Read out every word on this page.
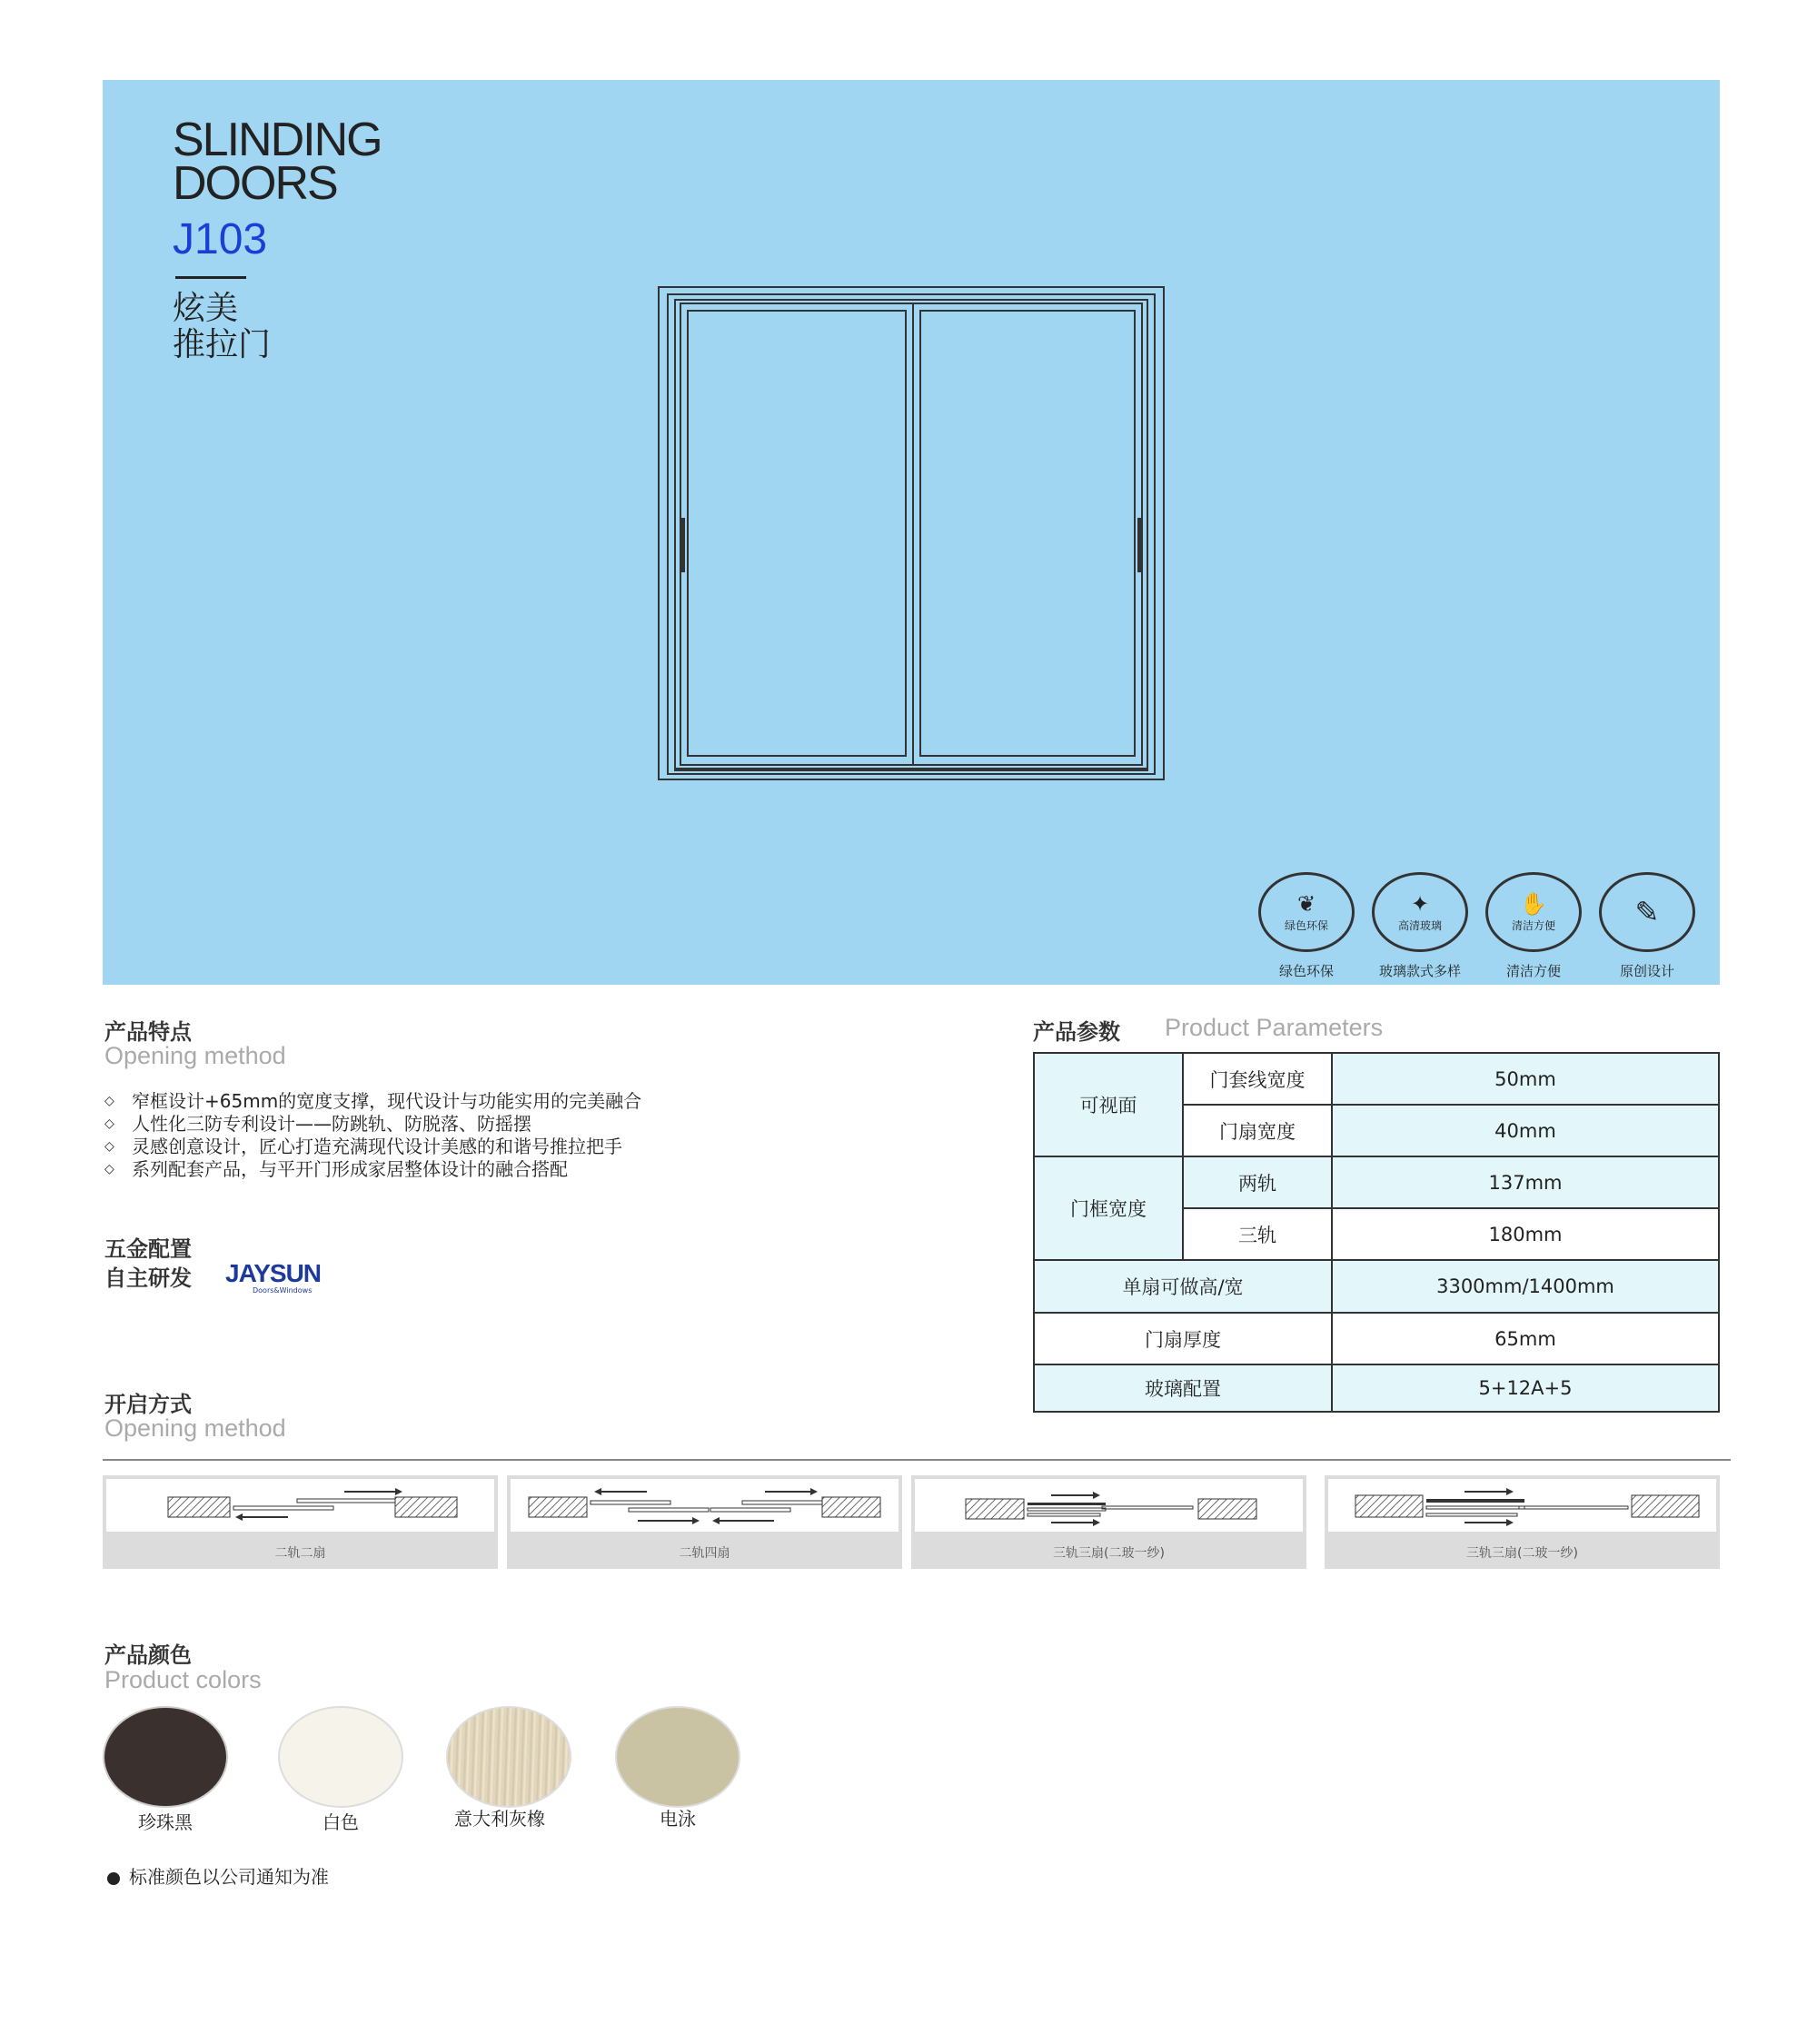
SLINDING
DOORS
J103
炫美
推拉门
❦
绿色环保
绿色环保
✦
高清玻璃
玻璃款式多样
✋
清洁方便
清洁方便
✎
原创设计
产品特点
Opening method
◇ 窄框设计+65mm的宽度支撑，现代设计与功能实用的完美融合
◇ 人性化三防专利设计——防跳轨、防脱落、防摇摆
◇ 灵感创意设计，匠心打造充满现代设计美感的和谐号推拉把手
◇ 系列配套产品，与平开门形成家居整体设计的融合搭配
五金配置
自主研发 JAYSUN
Doors&Windows
产品参数 Product Parameters
可视面	门套线宽度	50mm
	门扇宽度	40mm
门框宽度	两轨	137mm
	三轨	180mm
单扇可做高/宽		3300mm/1400mm
门扇厚度		65mm
玻璃配置		5+12A+5
开启方式
Opening method
二轨二扇	二轨四扇	三轨三扇(二玻一纱)	三轨三扇(二玻一纱)
产品颜色
Product colors
珍珠黑	白色	意大利灰橡	电泳
标准颜色以公司通知为准
